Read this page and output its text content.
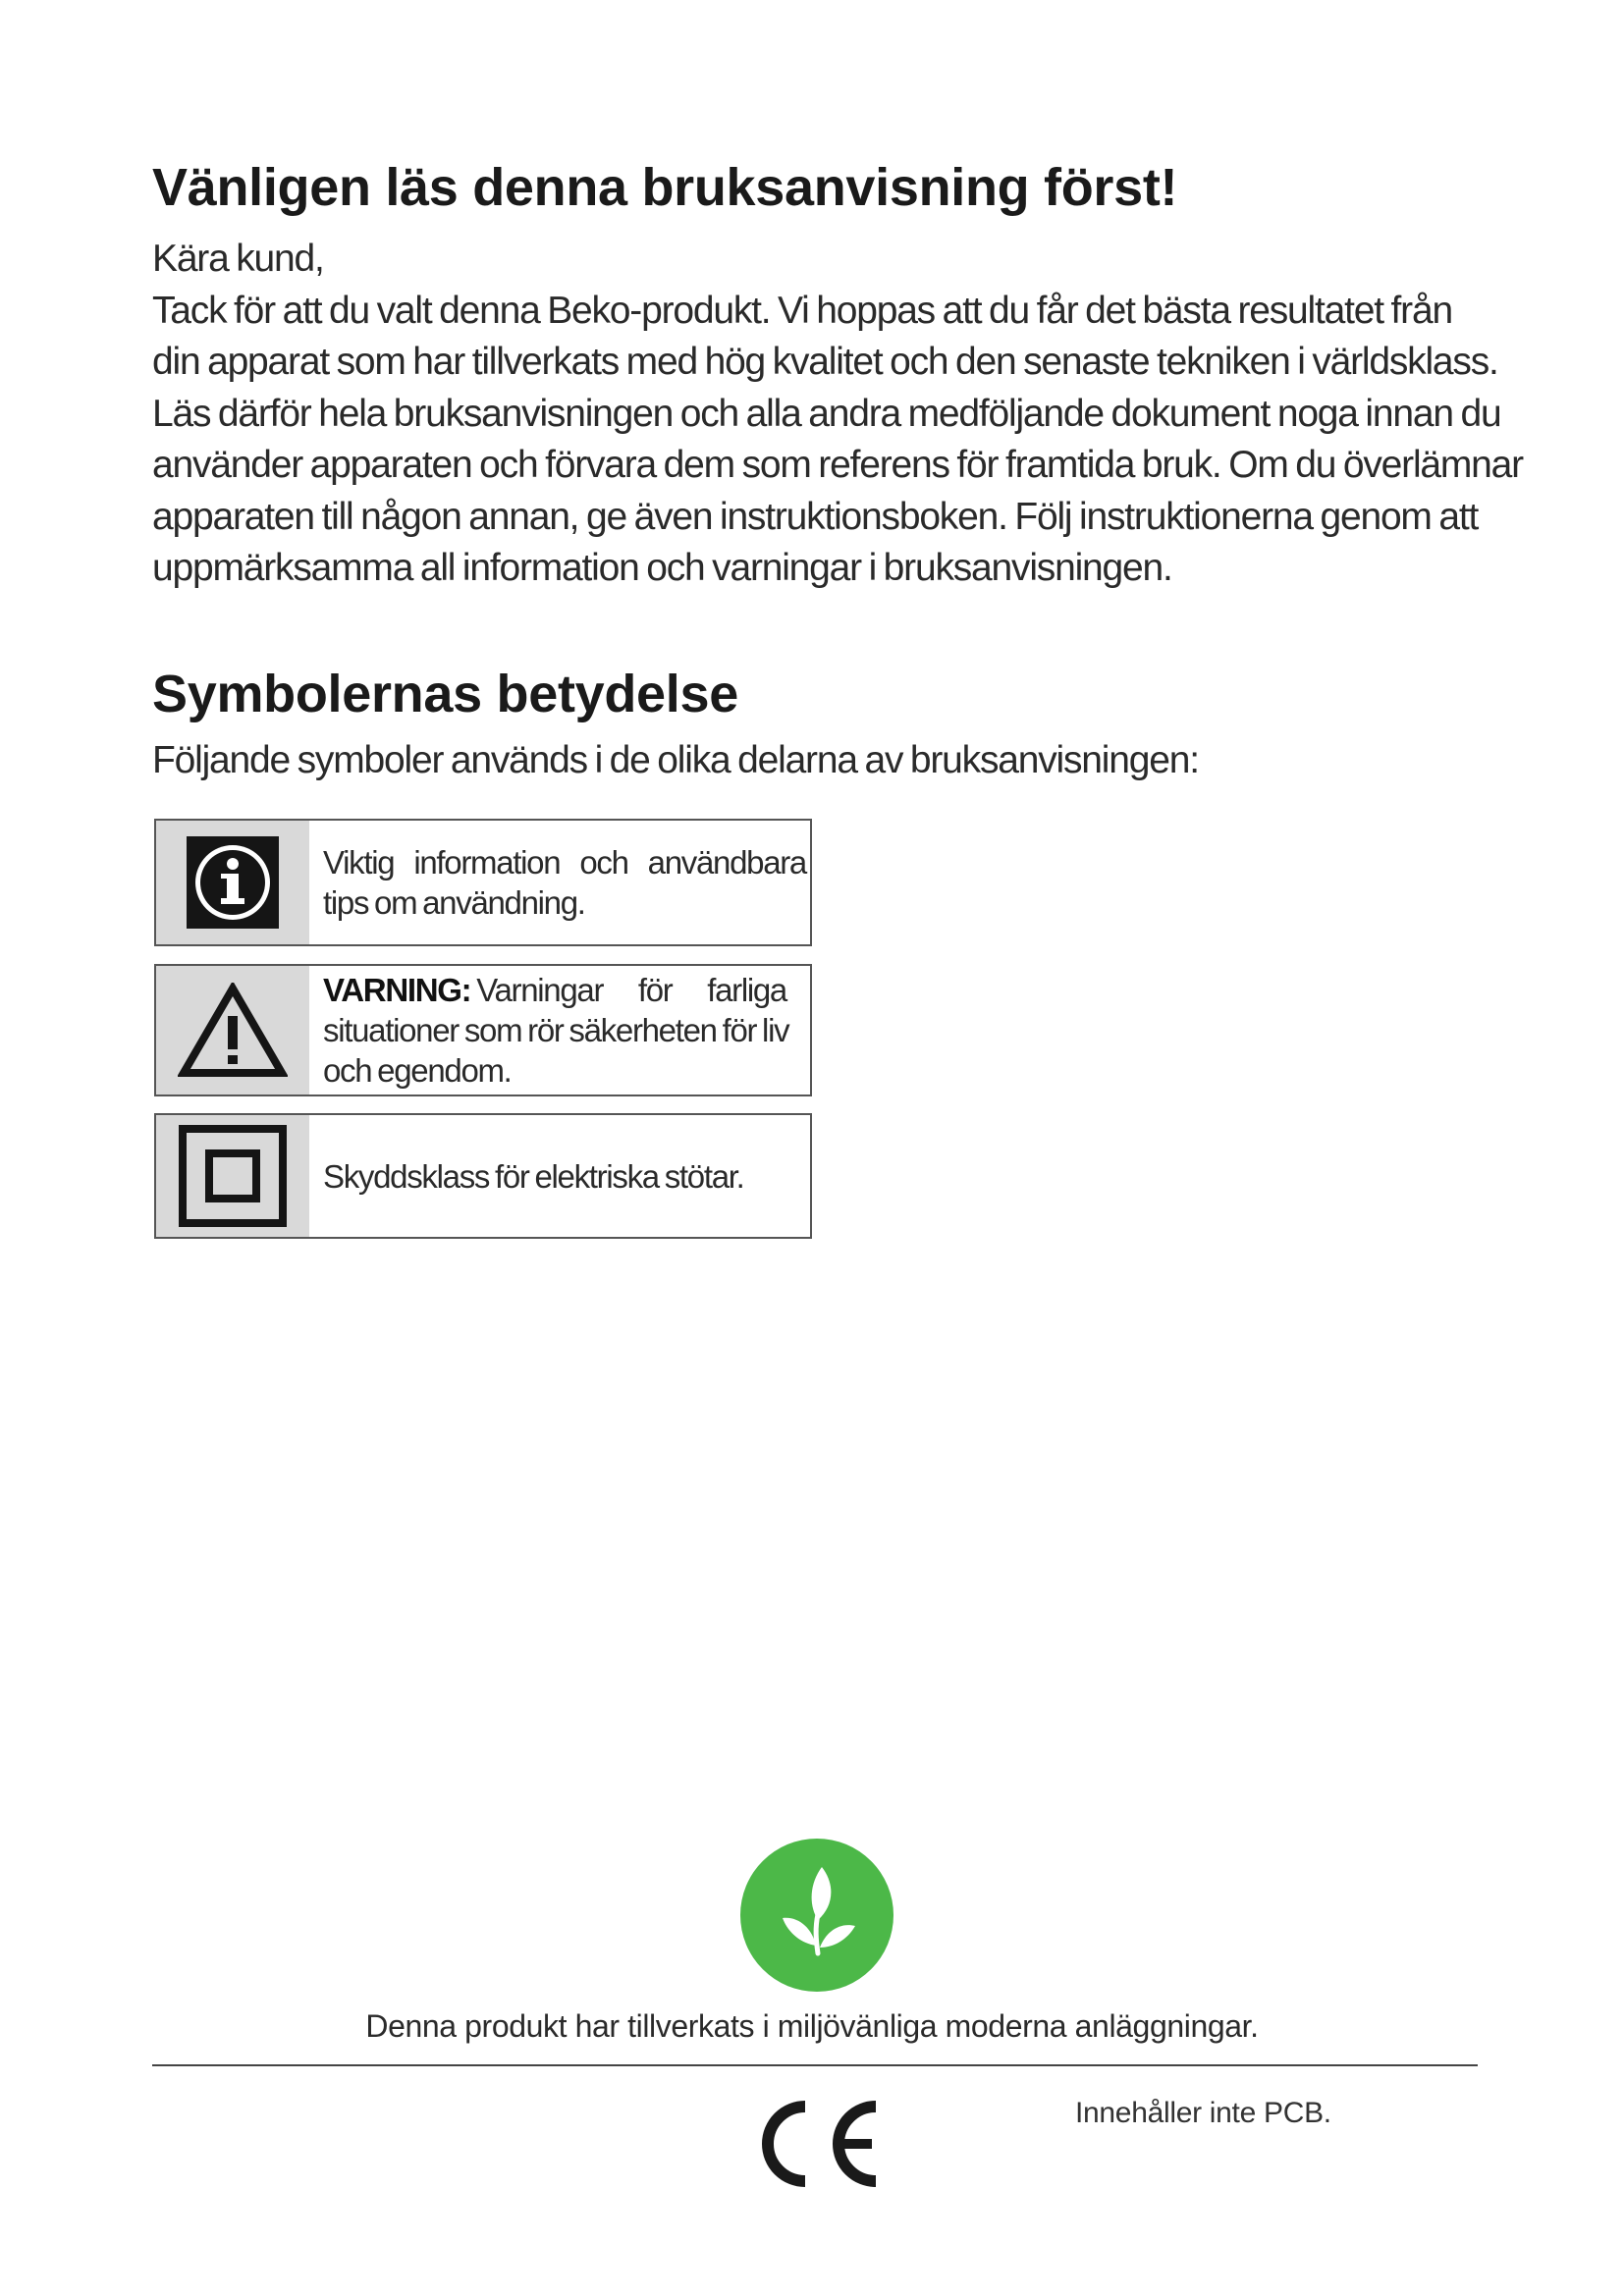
Vänligen läs denna bruksanvisning först!

Kära kund,

Tack för att du valt denna Beko-produkt. Vi hoppas att du får det bästa resultatet från

din apparat som har tillverkats med hög kvalitet och den senaste tekniken i världsklass.

Läs därför hela bruksanvisningen och alla andra medföljande dokument noga innan du

använder apparaten och förvara dem som referens för framtida bruk. Om du överlämnar

apparaten till någon annan, ge även instruktionsboken. Följ instruktionerna genom att

uppmärksamma all information och varningar i bruksanvisningen.

Symbolernas betydelse

Följande symboler används i de olika delarna av bruksanvisningen:

Viktig information och användbara
tips om användning.
VARNING: Varningar för farliga
situationer som rör säkerheten för liv
och egendom.
Skyddsklass för elektriska stötar.
Denna produkt har tillverkats i miljövänliga moderna anläggningar.
Innehåller inte PCB.
